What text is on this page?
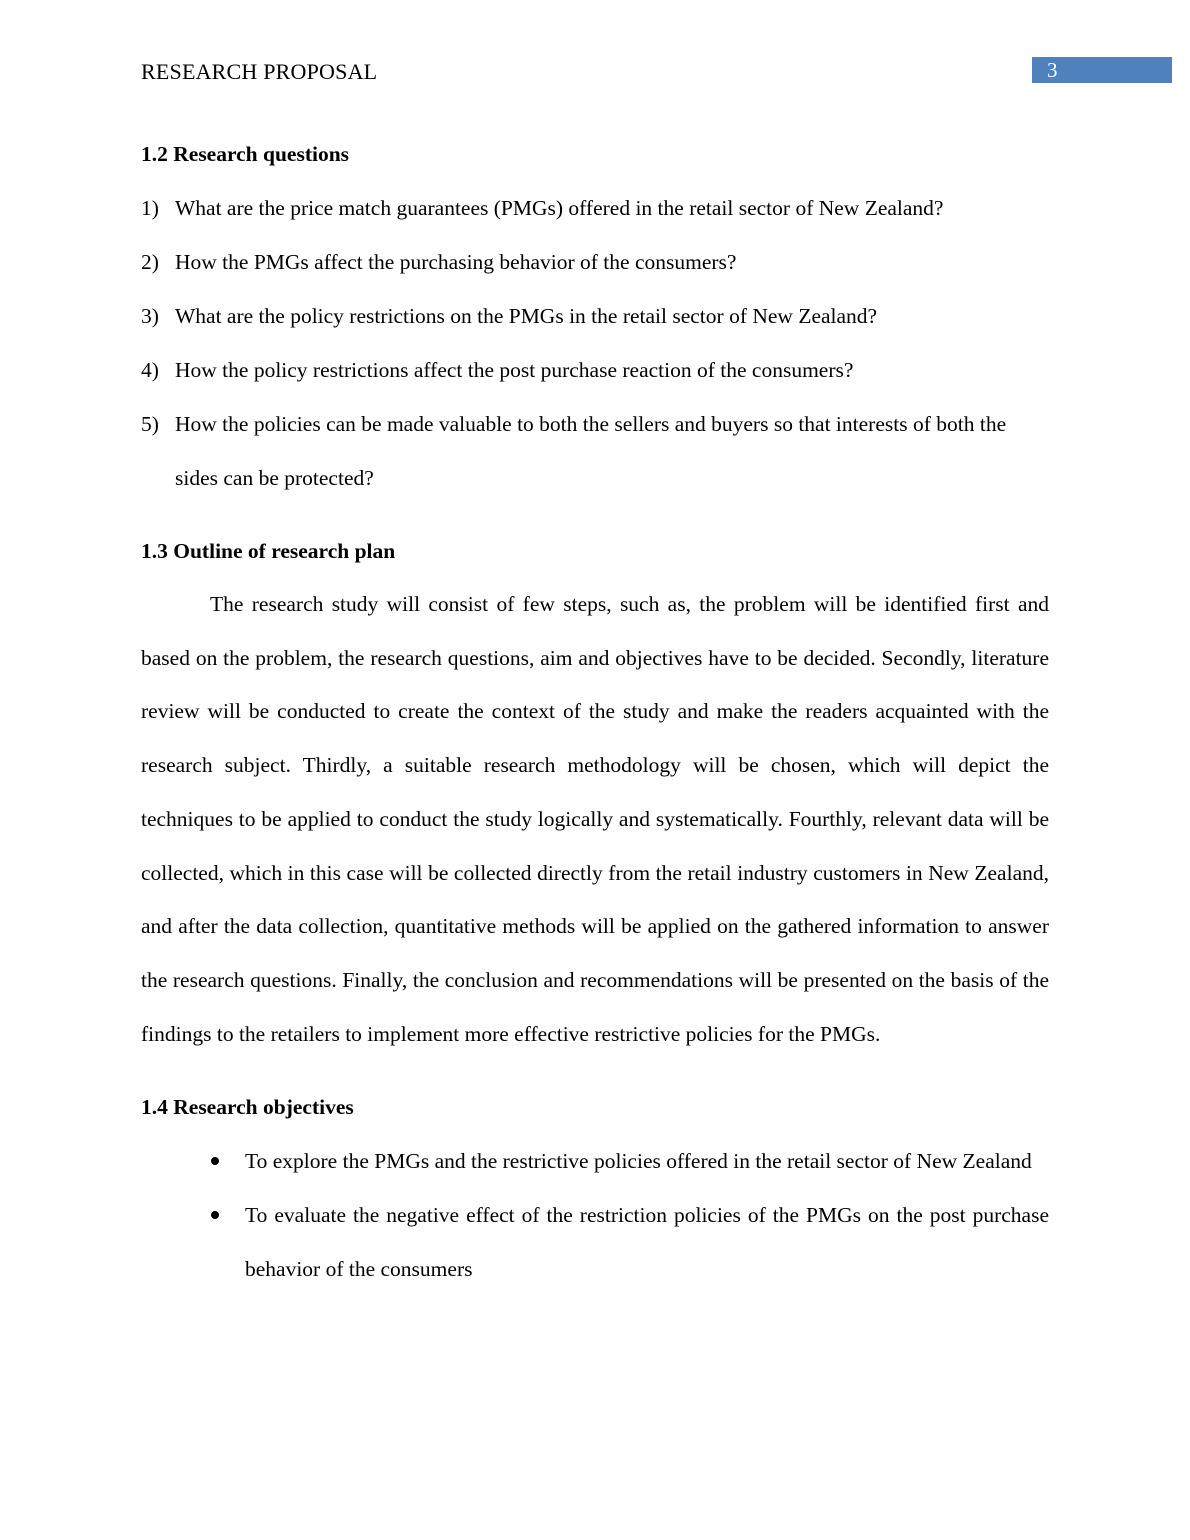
RESEARCH PROPOSAL	3
1.2 Research questions
1) What are the price match guarantees (PMGs) offered in the retail sector of New Zealand?
2) How the PMGs affect the purchasing behavior of the consumers?
3) What are the policy restrictions on the PMGs in the retail sector of New Zealand?
4) How the policy restrictions affect the post purchase reaction of the consumers?
5) How the policies can be made valuable to both the sellers and buyers so that interests of both the sides can be protected?
1.3 Outline of research plan
The research study will consist of few steps, such as, the problem will be identified first and based on the problem, the research questions, aim and objectives have to be decided. Secondly, literature review will be conducted to create the context of the study and make the readers acquainted with the research subject. Thirdly, a suitable research methodology will be chosen, which will depict the techniques to be applied to conduct the study logically and systematically. Fourthly, relevant data will be collected, which in this case will be collected directly from the retail industry customers in New Zealand, and after the data collection, quantitative methods will be applied on the gathered information to answer the research questions. Finally, the conclusion and recommendations will be presented on the basis of the findings to the retailers to implement more effective restrictive policies for the PMGs.
1.4 Research objectives
To explore the PMGs and the restrictive policies offered in the retail sector of New Zealand
To evaluate the negative effect of the restriction policies of the PMGs on the post purchase behavior of the consumers
